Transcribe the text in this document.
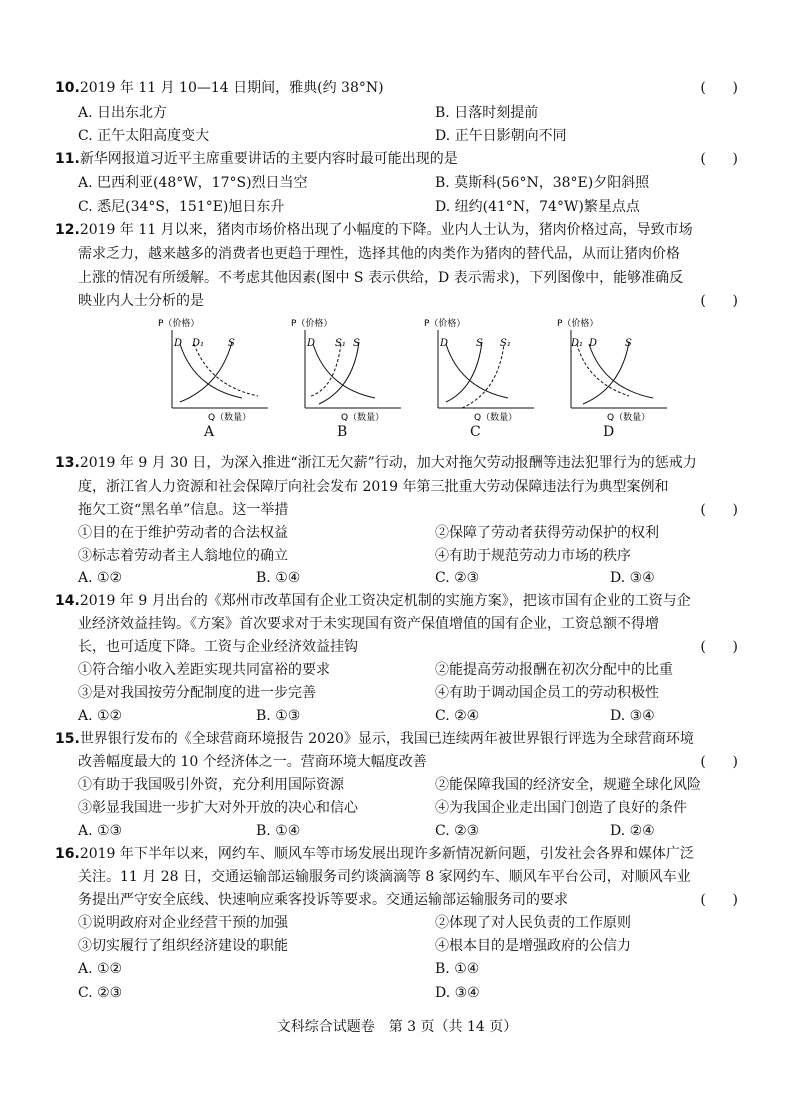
10.2019 年 11 月 10—14 日期间，雅典(约 38°N)	(      )
A. 日出东北方	B. 日落时刻提前
C. 正午太阳高度变大	D. 正午日影朝向不同
11.新华网报道习近平主席重要讲话的主要内容时最可能出现的是	(      )
A. 巴西利亚(48°W，17°S)烈日当空	B. 莫斯科(56°N，38°E)夕阳斜照
C. 悉尼(34°S，151°E)旭日东升	D. 纽约(41°N，74°W)繁星点点
12.2019 年 11 月以来，猪肉市场价格出现了小幅度的下降。业内人士认为，猪肉价格过高，导致市场
需求乏力，越来越多的消费者也更趋于理性，选择其他的肉类作为猪肉的替代品，从而让猪肉价格
上涨的情况有所缓解。不考虑其他因素(图中 S 表示供给，D 表示需求)，下列图像中，能够准确反
映业内人士分析的是	(      )
P（价格）
D D₁ S
Q（数量）
A
P（价格）
D S₁ S
Q（数量）
B
P（价格）
D	S S₁
Q（数量）
C
P（价格）
D₁ D	S
Q（数量）
D
13.2019 年 9 月 30 日，为深入推进“浙江无欠薪”行动，加大对拖欠劳动报酬等违法犯罪行为的惩戒力
度，浙江省人力资源和社会保障厅向社会发布 2019 年第三批重大劳动保障违法行为典型案例和
拖欠工资“黑名单”信息。这一举措	(      )
①目的在于维护劳动者的合法权益	②保障了劳动者获得劳动保护的权利
③标志着劳动者主人翁地位的确立	④有助于规范劳动力市场的秩序
A. ①②	B. ①④	C. ②③	D. ③④
14.2019 年 9 月出台的《郑州市改革国有企业工资决定机制的实施方案》，把该市国有企业的工资与企
业经济效益挂钩。《方案》首次要求对于未实现国有资产保值增值的国有企业，工资总额不得增
长，也可适度下降。工资与企业经济效益挂钩	(      )
①符合缩小收入差距实现共同富裕的要求	②能提高劳动报酬在初次分配中的比重
③是对我国按劳分配制度的进一步完善	④有助于调动国企员工的劳动积极性
A. ①②	B. ①③	C. ②④	D. ③④
15.世界银行发布的《全球营商环境报告 2020》显示，我国已连续两年被世界银行评选为全球营商环境
改善幅度最大的 10 个经济体之一。营商环境大幅度改善	(      )
①有助于我国吸引外资，充分利用国际资源	②能保障我国的经济安全，规避全球化风险
③彰显我国进一步扩大对外开放的决心和信心	④为我国企业走出国门创造了良好的条件
A. ①③	B. ①④	C. ②③	D. ②④
16.2019 年下半年以来，网约车、顺风车等市场发展出现许多新情况新问题，引发社会各界和媒体广泛
关注。11 月 28 日，交通运输部运输服务司约谈滴滴等 8 家网约车、顺风车平台公司，对顺风车业
务提出严守安全底线、快速响应乘客投诉等要求。交通运输部运输服务司的要求	(      )
①说明政府对企业经营干预的加强	②体现了对人民负责的工作原则
③切实履行了组织经济建设的职能	④根本目的是增强政府的公信力
A. ①②	B. ①④
C. ②③	D. ③④
文科综合试题卷　第 3 页（共 14 页）
